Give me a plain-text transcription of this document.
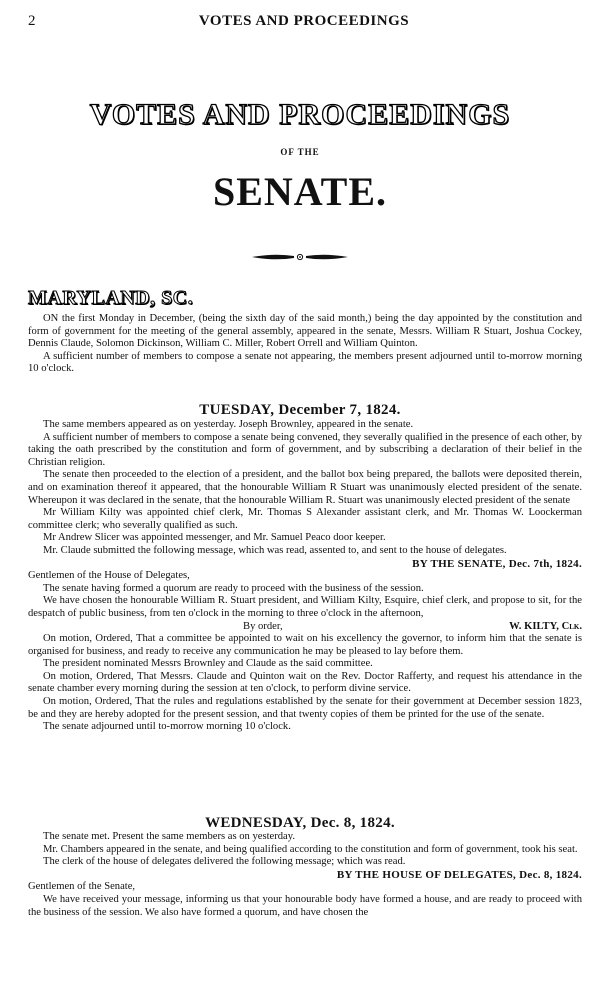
2	VOTES AND PROCEEDINGS
VOTES AND PROCEEDINGS
OF THE
SENATE.
MARYLAND, SC.

ON the first Monday in December, (being the sixth day of the said month,) being the day appointed by the constitution and form of government for the meeting of the general assembly, appeared in the senate, Messrs. William R Stuart, Joshua Cockey, Dennis Claude, Solomon Dickinson, William C. Miller, Robert Orrell and William Quinton.

A sufficient number of members to compose a senate not appearing, the members present adjourned until to-morrow morning 10 o'clock.

TUESDAY, December 7, 1824.

The same members appeared as on yesterday. Joseph Brownley, appeared in the senate.

A sufficient number of members to compose a senate being convened, they severally qualified in the presence of each other, by taking the oath prescribed by the constitution and form of government, and by subscribing a declaration of their belief in the Christian religion.

The senate then proceeded to the election of a president, and the ballot box being prepared, the ballots were deposited therein, and on examination thereof it appeared, that the honourable William R Stuart was unanimously elected president of the senate. Whereupon it was declared in the senate, that the honourable William R. Stuart was unanimously elected president of the senate

Mr William Kilty was appointed chief clerk, Mr. Thomas S Alexander assistant clerk, and Mr. Thomas W. Loockerman committee clerk; who severally qualified as such.

Mr Andrew Slicer was appointed messenger, and Mr. Samuel Peaco door keeper.

Mr. Claude submitted the following message, which was read, assented to, and sent to the house of delegates.

BY THE SENATE, Dec. 7th, 1824.

Gentlemen of the House of Delegates,

The senate having formed a quorum are ready to proceed with the business of the session.

We have chosen the honourable William R. Stuart president, and William Kilty, Esquire, chief clerk, and propose to sit, for the despatch of public business, from ten o'clock in the morning to three o'clock in the afternoon,

By order,	W. KILTY, Clk.

On motion, Ordered, That a committee be appointed to wait on his excellency the governor, to inform him that the senate is organised for business, and ready to receive any communication he may be pleased to lay before them.

The president nominated Messrs Brownley and Claude as the said committee.

On motion, Ordered, That Messrs. Claude and Quinton wait on the Rev. Doctor Rafferty, and request his attendance in the senate chamber every morning during the session at ten o'clock, to perform divine service.

On motion, Ordered, That the rules and regulations established by the senate for their government at December session 1823, be and they are hereby adopted for the present session, and that twenty copies of them be printed for the use of the senate.

The senate adjourned until to-morrow morning 10 o'clock.

WEDNESDAY, Dec. 8, 1824.

The senate met. Present the same members as on yesterday.

Mr. Chambers appeared in the senate, and being qualified according to the constitution and form of government, took his seat.

The clerk of the house of delegates delivered the following message; which was read.

BY THE HOUSE OF DELEGATES, Dec. 8, 1824.

Gentlemen of the Senate,

We have received your message, informing us that your honourable body have formed a house, and are ready to proceed with the business of the session. We also have formed a quorum, and have chosen the
